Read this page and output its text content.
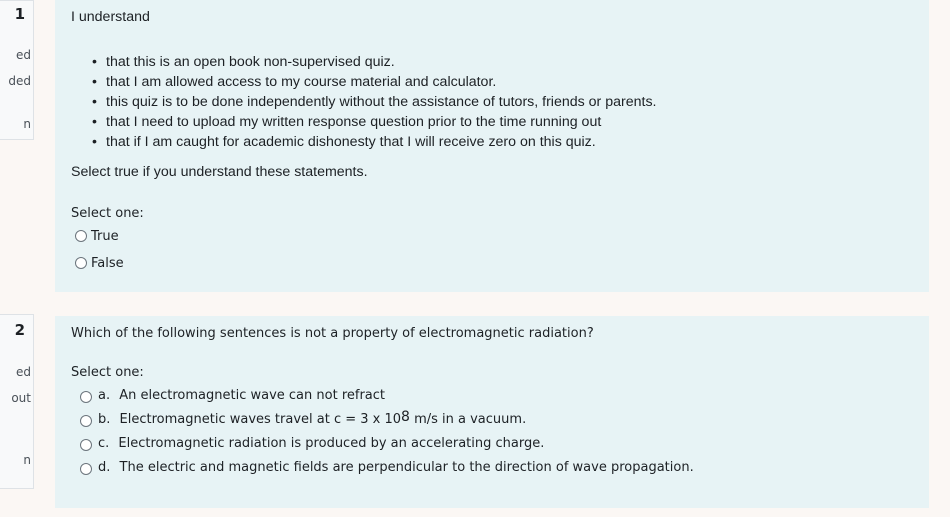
1
ed
ded
n
I understand
• that this is an open book non-supervised quiz.
• that I am allowed access to my course material and calculator.
• this quiz is to be done independently without the assistance of tutors, friends or parents.
• that I need to upload my written response question prior to the time running out
• that if I am caught for academic dishonesty that I will receive zero on this quiz.
Select true if you understand these statements.
Select one:
True
False
2
ed
out
n
Which of the following sentences is not a property of electromagnetic radiation?
Select one:
a. An electromagnetic wave can not refract
b. Electromagnetic waves travel at c = 3 x $10^8$ m/s in a vacuum.
c. Electromagnetic radiation is produced by an accelerating charge.
d. The electric and magnetic fields are perpendicular to the direction of wave propagation.
